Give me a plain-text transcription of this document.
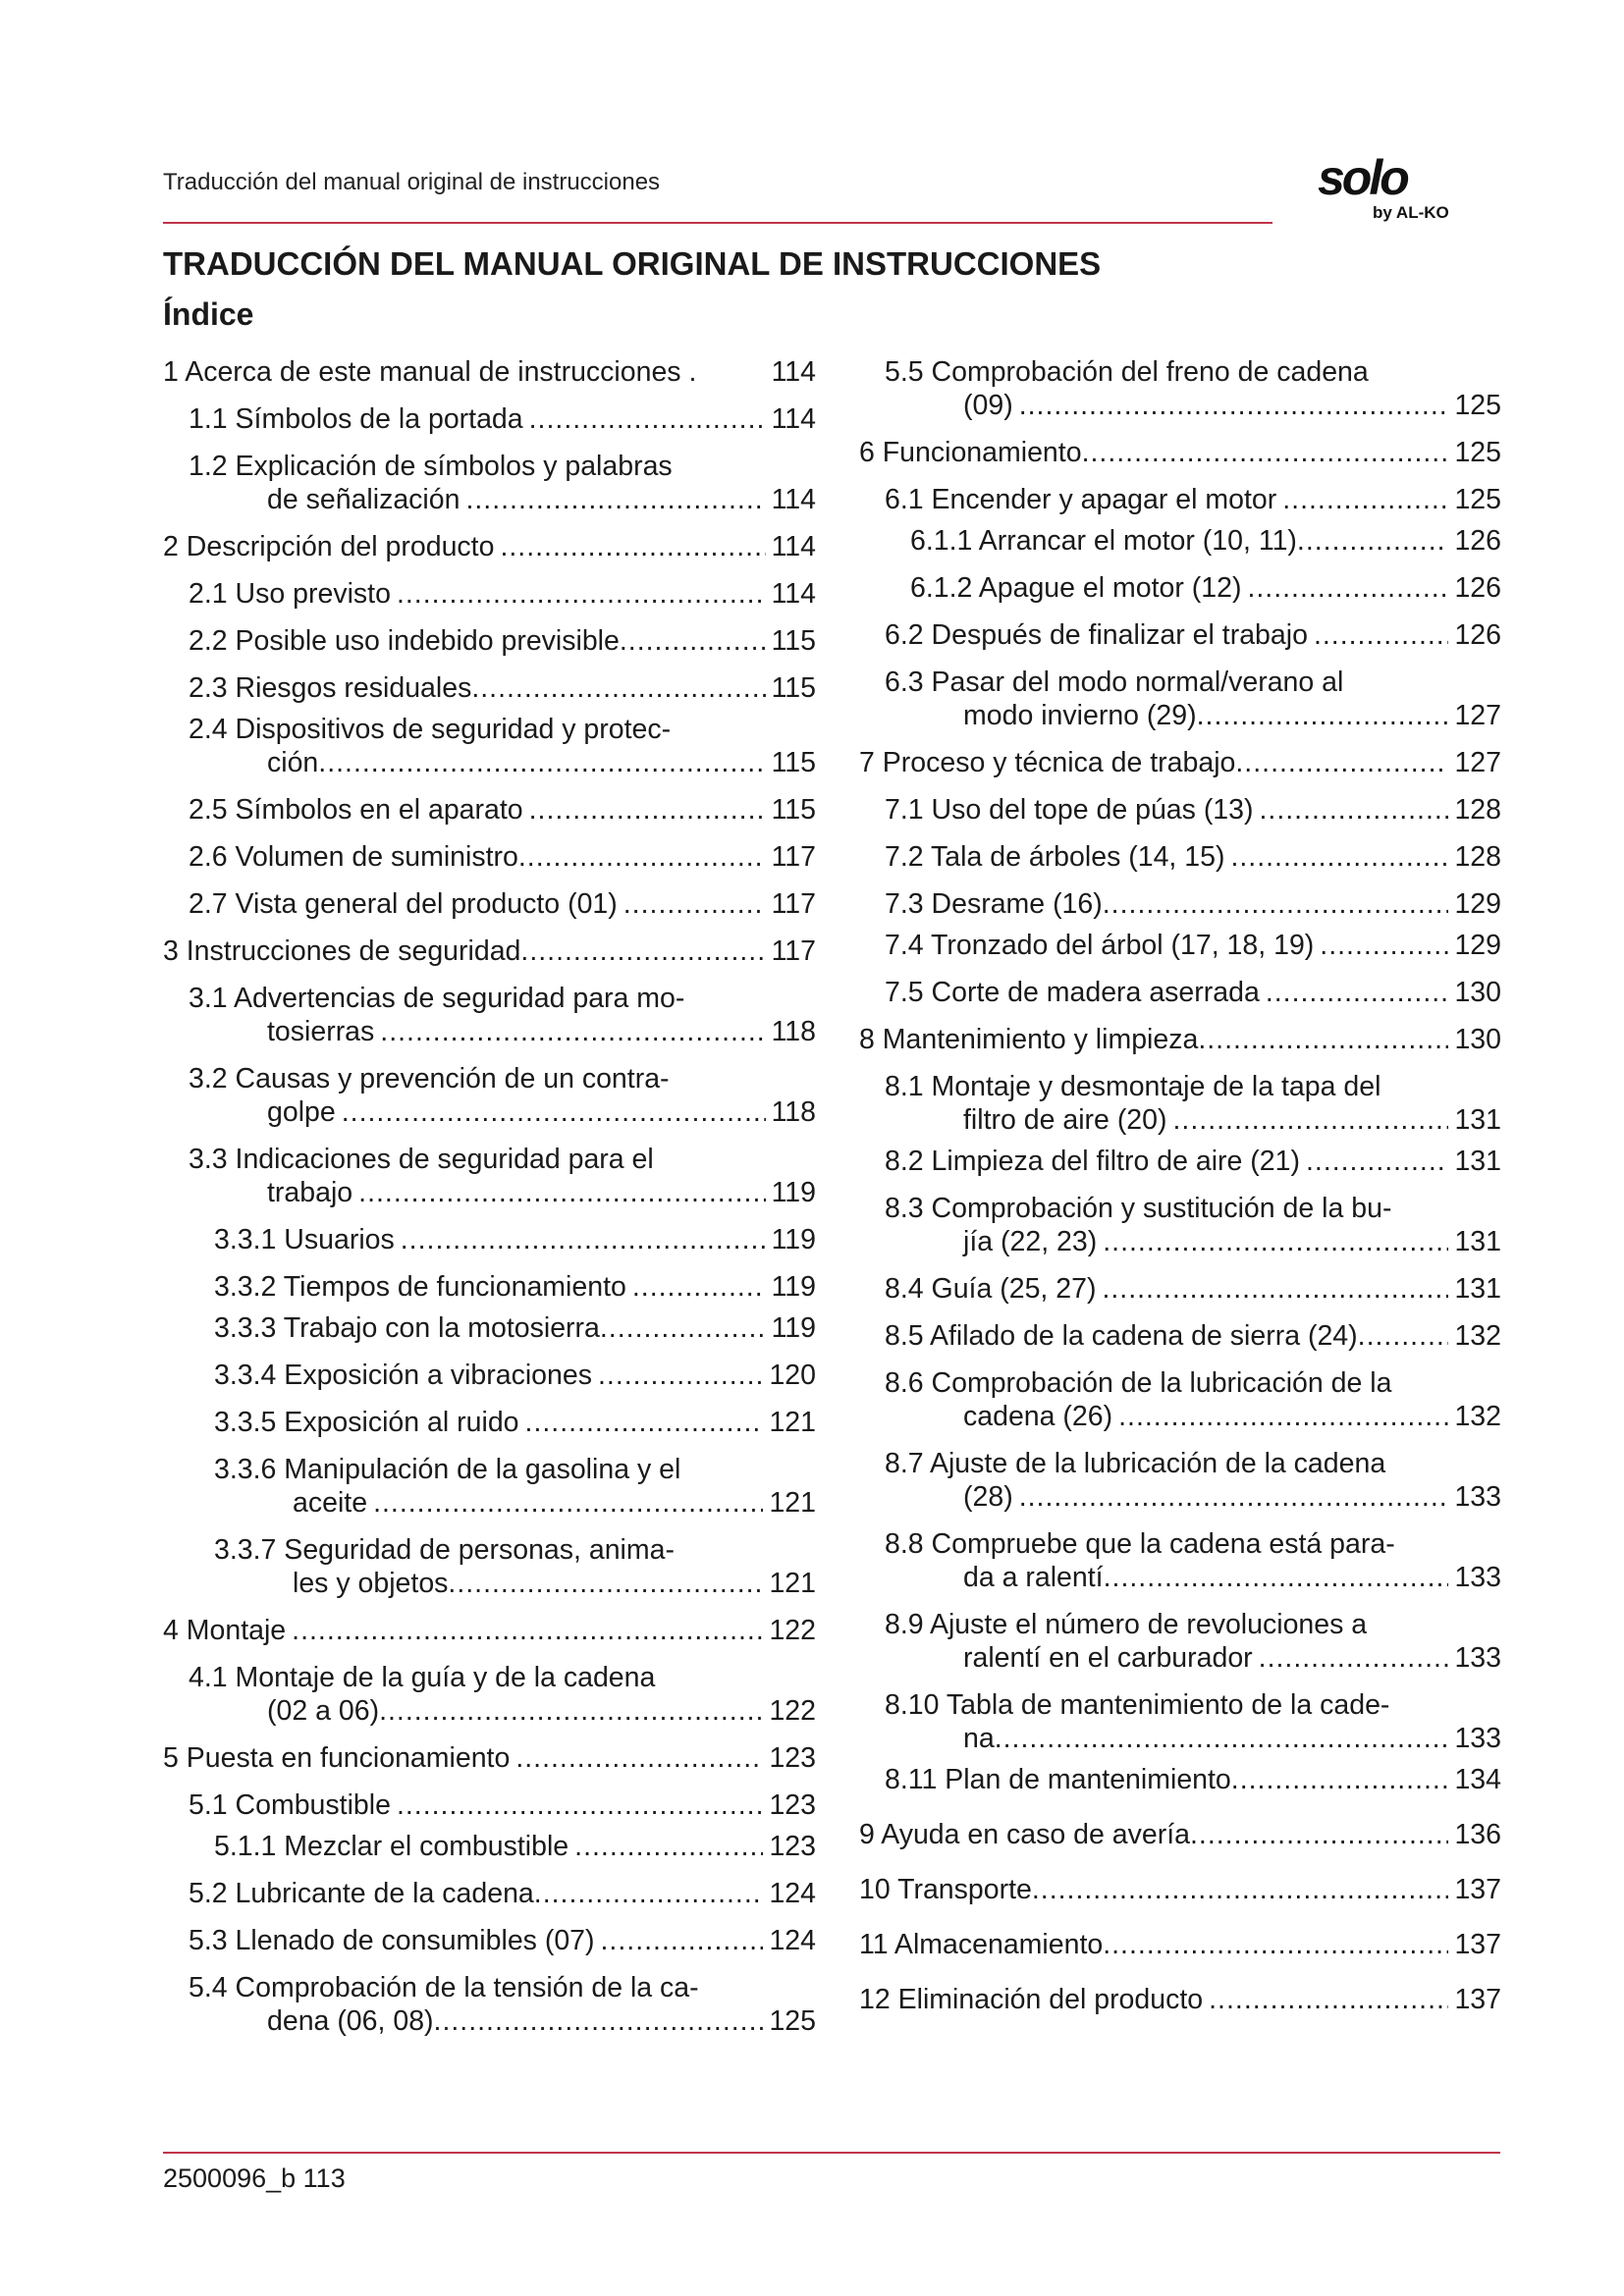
Traducción del manual original de instrucciones	solo
by AL-KO
TRADUCCIÓN DEL MANUAL ORIGINAL DE INSTRUCCIONES
Índice
1 Acerca de este manual de instrucciones .	114
1.1 Símbolos de la portada .....	114
1.2 Explicación de símbolos y palabras
de señalización .....	114
2 Descripción del producto .....	114
2.1 Uso previsto .....	114
2.2 Posible uso indebido previsible .....	115
2.3 Riesgos residuales .....	115
2.4 Dispositivos de seguridad y protec-
ción .....	115
2.5 Símbolos en el aparato .....	115
2.6 Volumen de suministro .....	117
2.7 Vista general del producto (01) .....	117
3 Instrucciones de seguridad .....	117
3.1 Advertencias de seguridad para mo-
tosierras .....	118
3.2 Causas y prevención de un contra-
golpe .....	118
3.3 Indicaciones de seguridad para el
trabajo .....	119
3.3.1 Usuarios .....	119
3.3.2 Tiempos de funcionamiento .....	119
3.3.3 Trabajo con la motosierra .....	119
3.3.4 Exposición a vibraciones .....	120
3.3.5 Exposición al ruido .....	121
3.3.6 Manipulación de la gasolina y el
aceite .....	121
3.3.7 Seguridad de personas, anima-
les y objetos .....	121
4 Montaje .....	122
4.1 Montaje de la guía y de la cadena
(02 a 06) .....	122
5 Puesta en funcionamiento .....	123
5.1 Combustible .....	123
5.1.1 Mezclar el combustible .....	123
5.2 Lubricante de la cadena .....	124
5.3 Llenado de consumibles (07) .....	124
5.4 Comprobación de la tensión de la ca-
dena (06, 08) .....	125
5.5 Comprobación del freno de cadena
(09) .....	125
6 Funcionamiento .....	125
6.1 Encender y apagar el motor .....	125
6.1.1 Arrancar el motor (10, 11) .....	126
6.1.2 Apague el motor (12) .....	126
6.2 Después de finalizar el trabajo .....	126
6.3 Pasar del modo normal/verano al
modo invierno (29) .....	127
7 Proceso y técnica de trabajo .....	127
7.1 Uso del tope de púas (13) .....	128
7.2 Tala de árboles (14, 15) .....	128
7.3 Desrame (16) .....	129
7.4 Tronzado del árbol (17, 18, 19) .....	129
7.5 Corte de madera aserrada .....	130
8 Mantenimiento y limpieza .....	130
8.1 Montaje y desmontaje de la tapa del
filtro de aire (20) .....	131
8.2 Limpieza del filtro de aire (21) .....	131
8.3 Comprobación y sustitución de la bu-
jía (22, 23) .....	131
8.4 Guía (25, 27) .....	131
8.5 Afilado de la cadena de sierra (24) .....	132
8.6 Comprobación de la lubricación de la
cadena (26) .....	132
8.7 Ajuste de la lubricación de la cadena
(28) .....	133
8.8 Compruebe que la cadena está para-
da a ralentí .....	133
8.9 Ajuste el número de revoluciones a
ralentí en el carburador .....	133
8.10 Tabla de mantenimiento de la cade-
na .....	133
8.11 Plan de mantenimiento .....	134
9 Ayuda en caso de avería .....	136
10 Transporte .....	137
11 Almacenamiento .....	137
12 Eliminación del producto .....	137
2500096_b 113
